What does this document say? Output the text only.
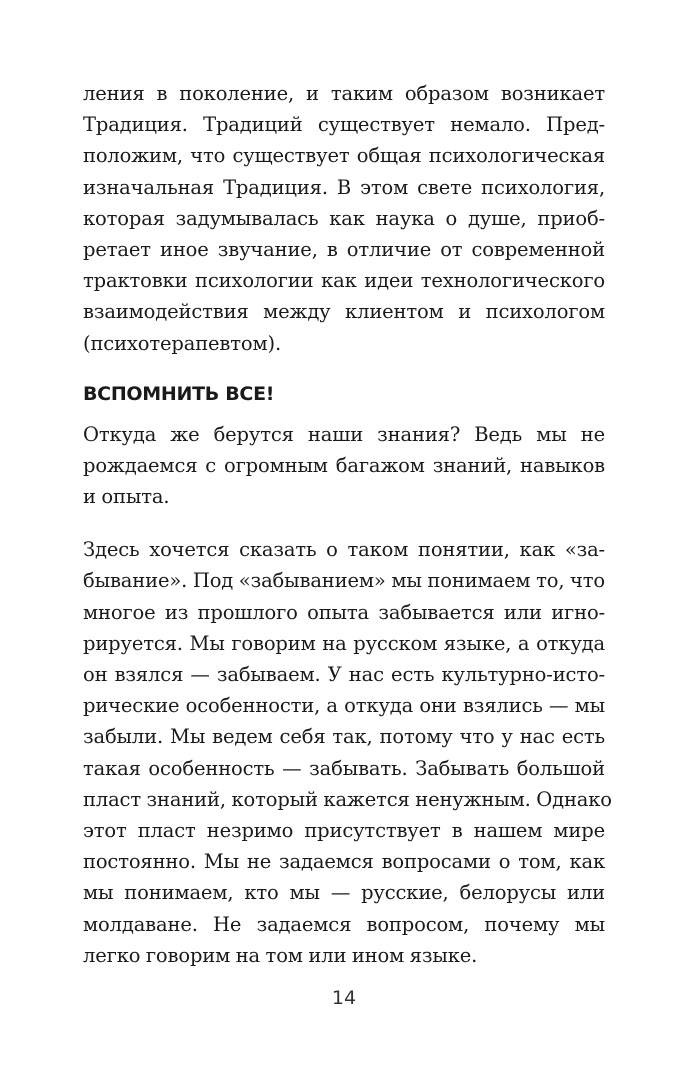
ления в поколение, и таким образом возникает
Традиция. Традиций существует немало. Пред-
положим, что существует общая психологическая
изначальная Традиция. В этом свете психология,
которая задумывалась как наука о душе, приоб-
ретает иное звучание, в отличие от современной
трактовки психологии как идеи технологического
взаимодействия между клиентом и психологом
(психотерапевтом).
ВСПОМНИТЬ ВСЕ!
Откуда же берутся наши знания? Ведь мы не
рождаемся с огромным багажом знаний, навыков
и опыта.
Здесь хочется сказать о таком понятии, как «за-
бывание». Под «забыванием» мы понимаем то, что
многое из прошлого опыта забывается или игно-
рируется. Мы говорим на русском языке, а откуда
он взялся — забываем. У нас есть культурно-исто-
рические особенности, а откуда они взялись — мы
забыли. Мы ведем себя так, потому что у нас есть
такая особенность — забывать. Забывать большой
пласт знаний, который кажется ненужным. Однако
этот пласт незримо присутствует в нашем мире
постоянно. Мы не задаемся вопросами о том, как
мы понимаем, кто мы — русские, белорусы или
молдаване. Не задаемся вопросом, почему мы
легко говорим на том или ином языке.
14
